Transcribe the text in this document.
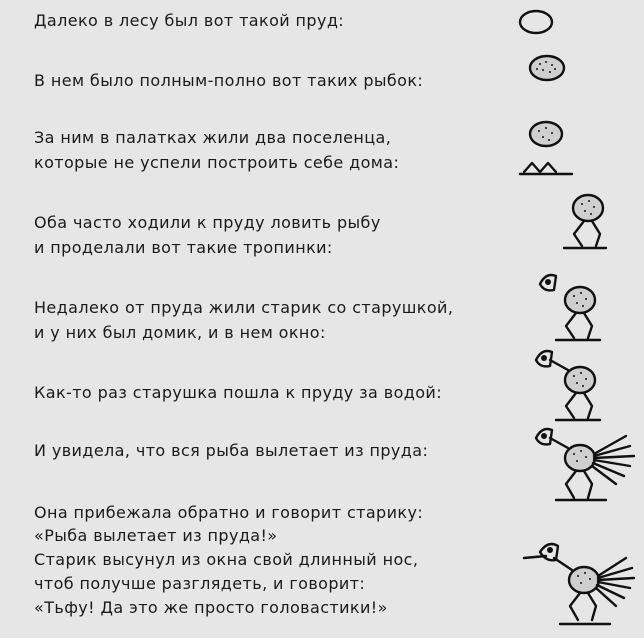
Далеко в лесу был вот такой пруд:
В нем было полным-полно вот таких рыбок:
За ним в палатках жили два поселенца,
которые не успели построить себе дома:
Оба часто ходили к пруду ловить рыбу
и проделали вот такие тропинки:
Недалеко от пруда жили старик со старушкой,
и у них был домик, и в нем окно:
Как-то раз старушка пошла к пруду за водой:
И увидела, что вся рыба вылетает из пруда:
Она прибежала обратно и говорит старику:
«Рыба вылетает из пруда!»
Старик высунул из окна свой длинный нос,
чтоб получше разглядеть, и говорит:
«Тьфу! Да это же просто головастики!»
